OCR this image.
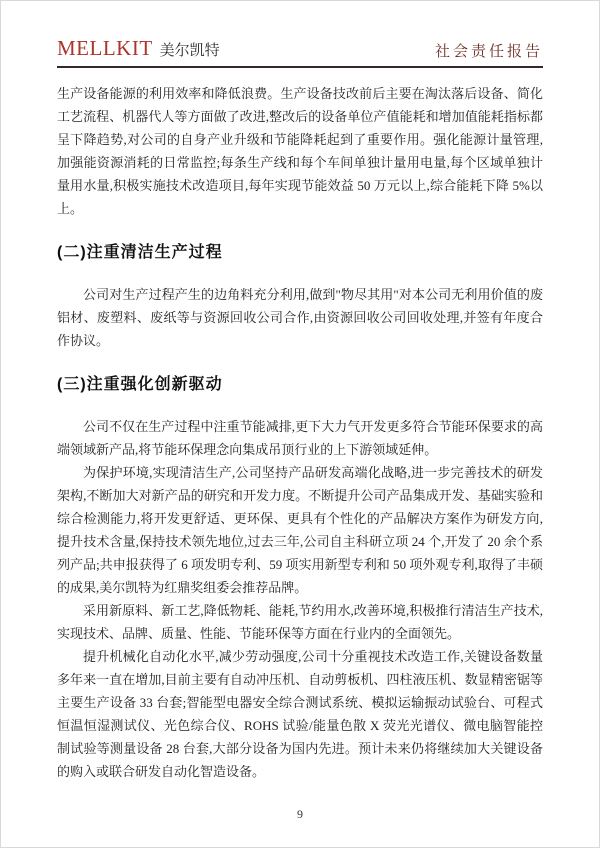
MELLKIT 美尔凯特	社会责任报告

生产设备能源的利用效率和降低浪费。生产设备技改前后主要在淘汰落后设备、简化工艺流程、机器代人等方面做了改进,整改后的设备单位产值能耗和增加值能耗指标都呈下降趋势,对公司的自身产业升级和节能降耗起到了重要作用。强化能源计量管理,加强能资源消耗的日常监控;每条生产线和每个车间单独计量用电量,每个区域单独计量用水量,积极实施技术改造项目,每年实现节能效益 50 万元以上,综合能耗下降 5%以上。

(二)注重清洁生产过程

公司对生产过程产生的边角料充分利用,做到"物尽其用"对本公司无利用价值的废铝材、废塑料、废纸等与资源回收公司合作,由资源回收公司回收处理,并签有年度合作协议。

(三)注重强化创新驱动

公司不仅在生产过程中注重节能减排,更下大力气开发更多符合节能环保要求的高端领域新产品,将节能环保理念向集成吊顶行业的上下游领域延伸。

为保护环境,实现清洁生产,公司坚持产品研发高端化战略,进一步完善技术的研发架构,不断加大对新产品的研究和开发力度。不断提升公司产品集成开发、基础实验和综合检测能力,将开发更舒适、更环保、更具有个性化的产品解决方案作为研发方向,提升技术含量,保持技术领先地位,过去三年,公司自主科研立项 24 个,开发了 20 余个系列产品;共申报获得了 6 项发明专利、59 项实用新型专利和 50 项外观专利,取得了丰硕的成果,美尔凯特为红鼎奖组委会推荐品牌。

采用新原料、新工艺,降低物耗、能耗,节约用水,改善环境,积极推行清洁生产技术,实现技术、品牌、质量、性能、节能环保等方面在行业内的全面领先。

提升机械化自动化水平,减少劳动强度,公司十分重视技术改造工作,关键设备数量多年来一直在增加,目前主要有自动冲压机、自动剪板机、四柱液压机、数显精密锯等主要生产设备 33 台套;智能型电器安全综合测试系统、模拟运输振动试验台、可程式恒温恒湿测试仪、光色综合仪、ROHS 试验/能量色散 X 荧光光谱仪、微电脑智能控制试验等测量设备 28 台套,大部分设备为国内先进。预计未来仍将继续加大关键设备的购入或联合研发自动化智造设备。

9
